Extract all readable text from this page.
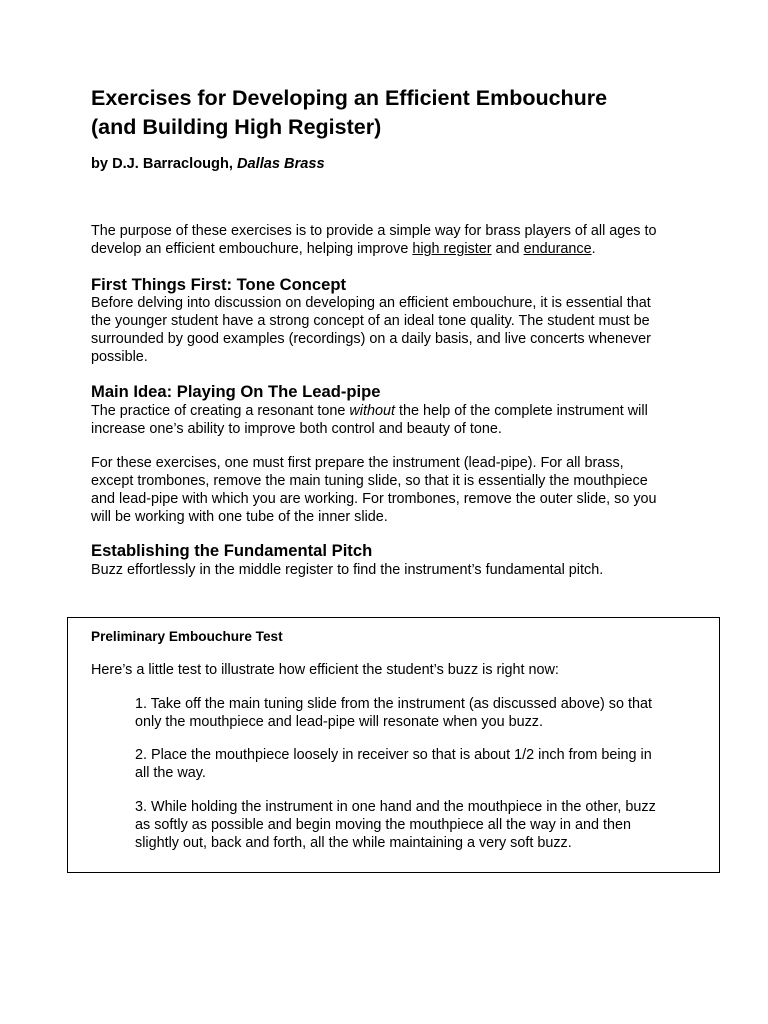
Exercises for Developing an Efficient Embouchure
(and Building High Register)

by D.J. Barraclough, Dallas Brass

The purpose of these exercises is to provide a simple way for brass players of all ages to
develop an efficient embouchure, helping improve high register and endurance.

First Things First: Tone Concept

Before delving into discussion on developing an efficient embouchure, it is essential that
the younger student have a strong concept of an ideal tone quality. The student must be
surrounded by good examples (recordings) on a daily basis, and live concerts whenever
possible.

Main Idea: Playing On The Lead-pipe

The practice of creating a resonant tone without the help of the complete instrument will
increase one’s ability to improve both control and beauty of tone.

For these exercises, one must first prepare the instrument (lead-pipe). For all brass,
except trombones, remove the main tuning slide, so that it is essentially the mouthpiece
and lead-pipe with which you are working. For trombones, remove the outer slide, so you
will be working with one tube of the inner slide.

Establishing the Fundamental Pitch

Buzz effortlessly in the middle register to find the instrument’s fundamental pitch.

Preliminary Embouchure Test

Here’s a little test to illustrate how efficient the student’s buzz is right now:

1. Take off the main tuning slide from the instrument (as discussed above) so that
only the mouthpiece and lead-pipe will resonate when you buzz.

2. Place the mouthpiece loosely in receiver so that is about 1/2 inch from being in
all the way.

3. While holding the instrument in one hand and the mouthpiece in the other, buzz
as softly as possible and begin moving the mouthpiece all the way in and then
slightly out, back and forth, all the while maintaining a very soft buzz.
